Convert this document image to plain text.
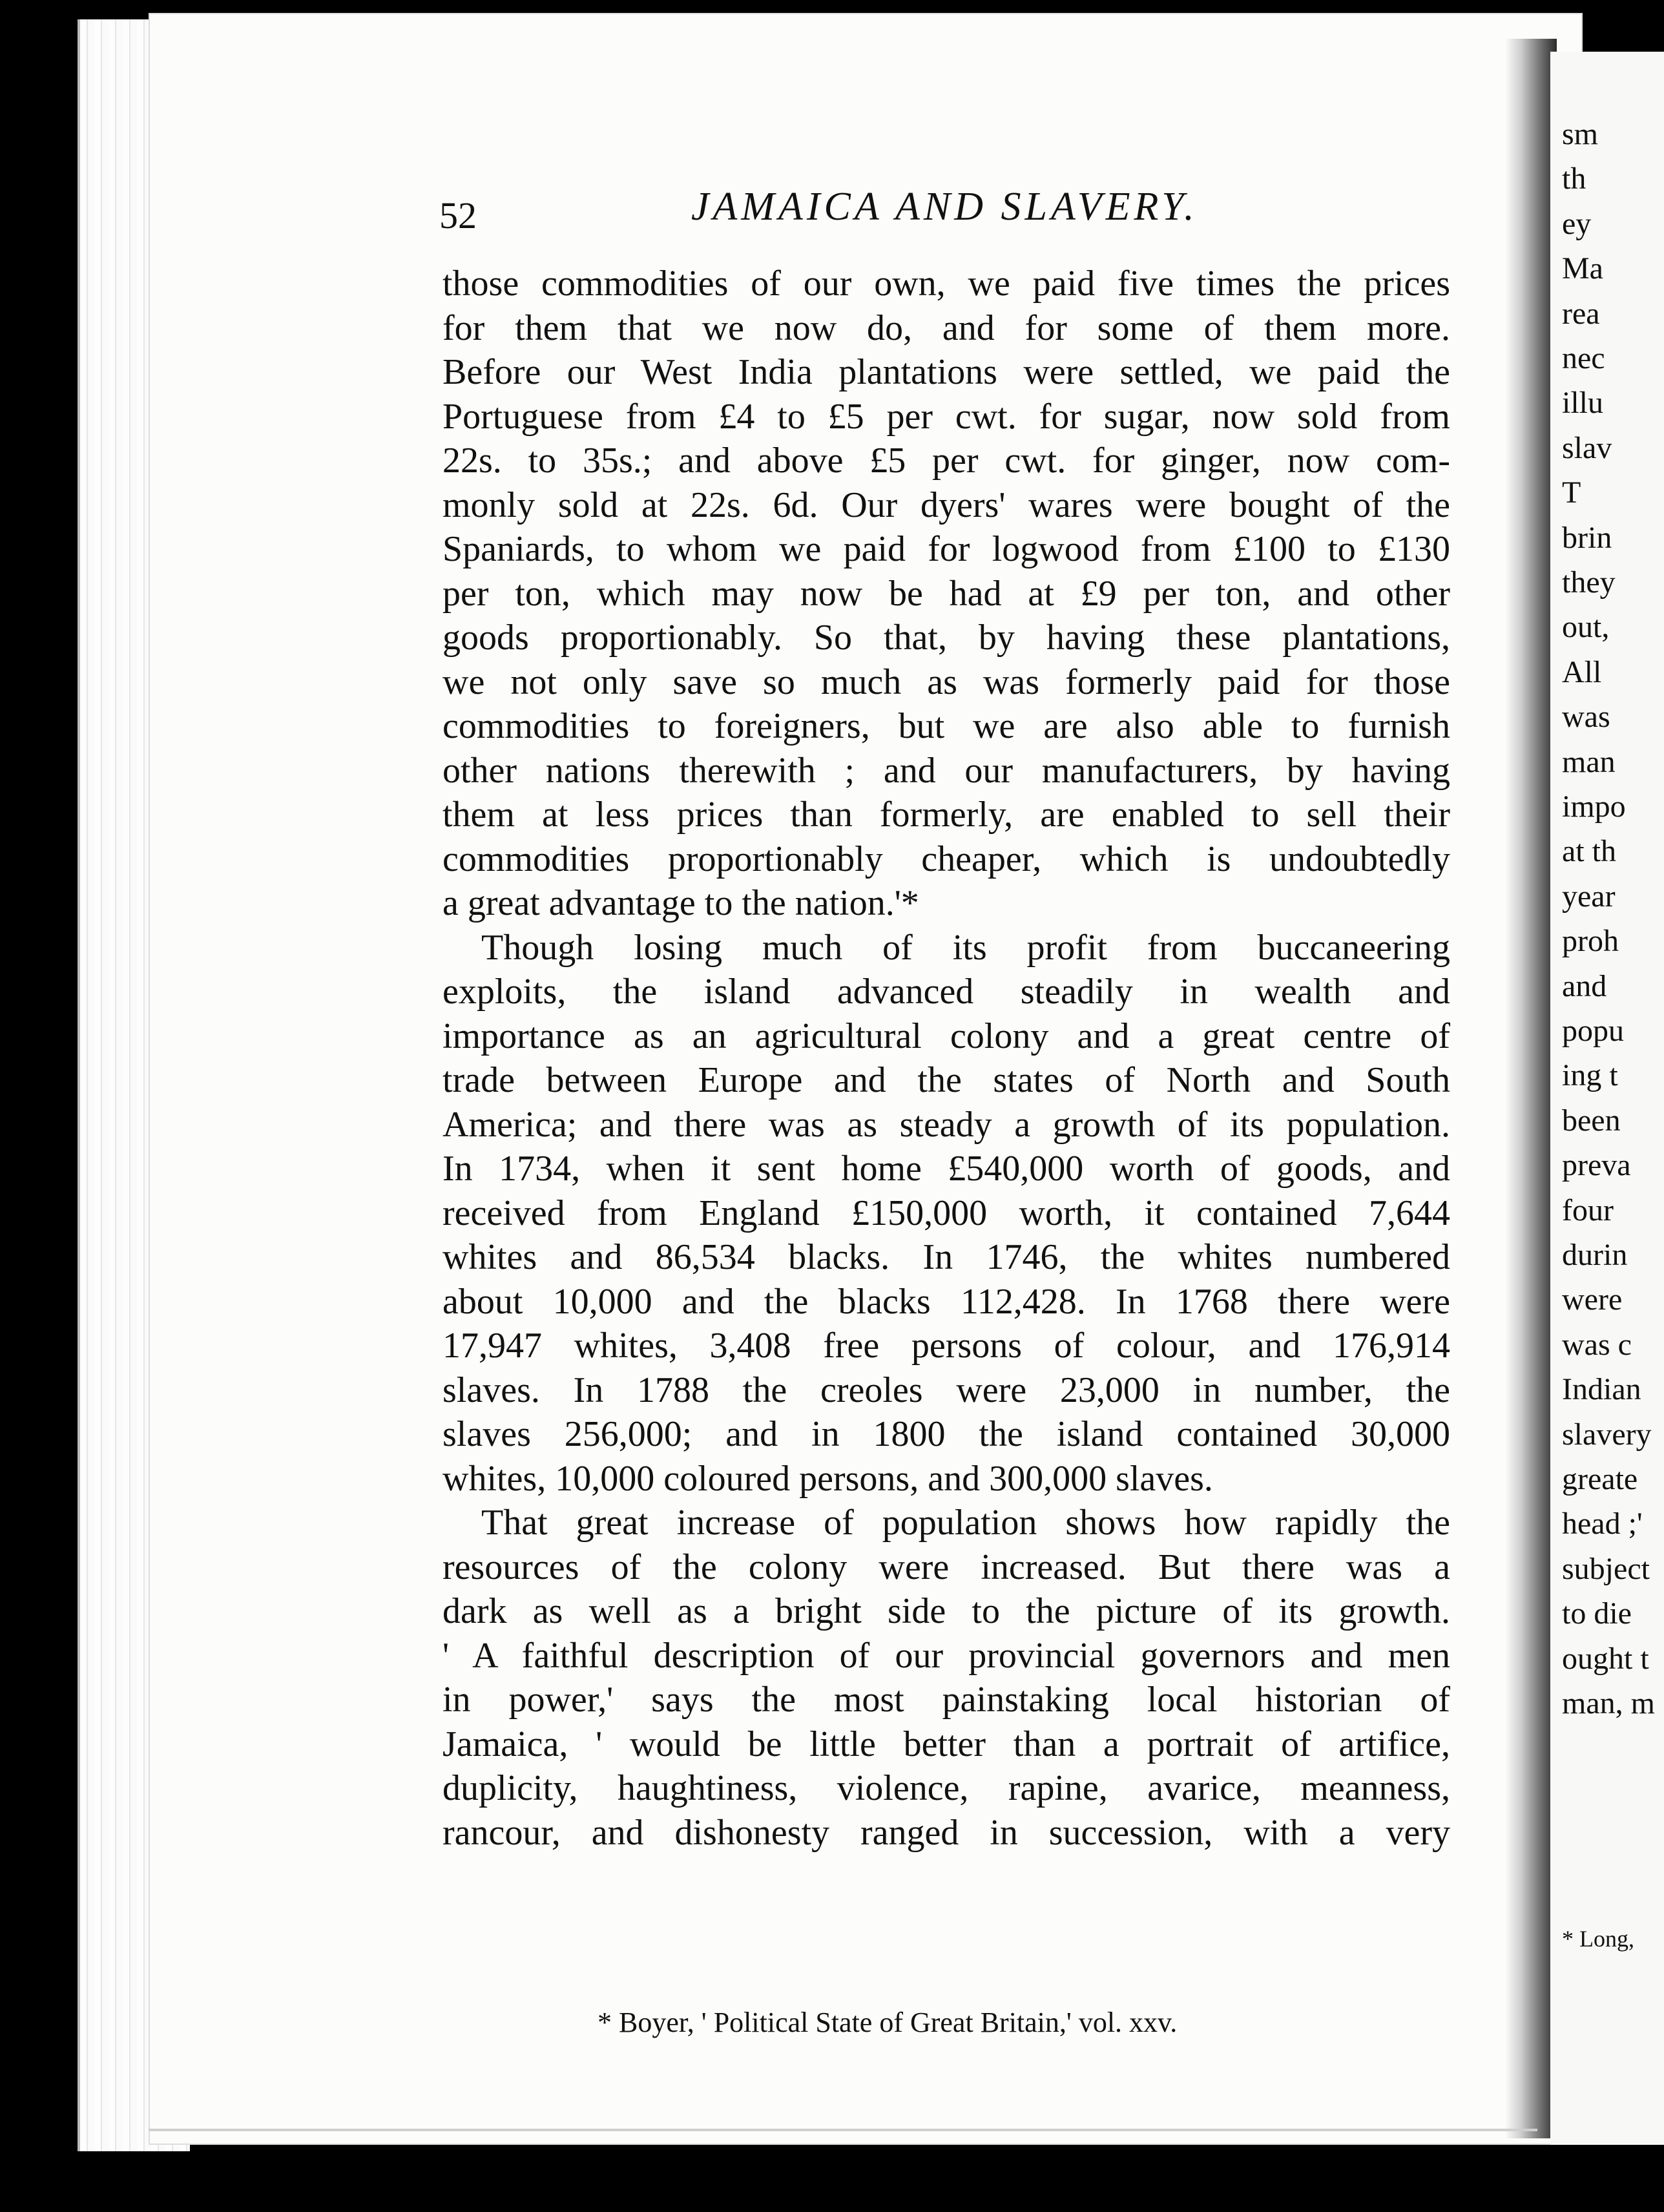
sm
th
ey
Ma
rea
nec
illu
slav
T
brin
they
out,
All
was
man
impo
at th
year
proh
and
popu
ing t
been
preva
four
durin
were
was c
Indian
slavery
greate
head ;'
subject
to die
ought t
man, m
* Long,
52	JAMAICA AND SLAVERY.
those commodities of our own, we paid five times the prices
for them that we now do, and for some of them more.
Before our West India plantations were settled, we paid the
Portuguese from £4 to £5 per cwt. for sugar, now sold from
22s. to 35s.; and above £5 per cwt. for ginger, now com-
monly sold at 22s. 6d. Our dyers' wares were bought of the
Spaniards, to whom we paid for logwood from £100 to £130
per ton, which may now be had at £9 per ton, and other
goods proportionably. So that, by having these plantations,
we not only save so much as was formerly paid for those
commodities to foreigners, but we are also able to furnish
other nations therewith ; and our manufacturers, by having
them at less prices than formerly, are enabled to sell their
commodities proportionably cheaper, which is undoubtedly
a great advantage to the nation.'*
Though losing much of its profit from buccaneering
exploits, the island advanced steadily in wealth and
importance as an agricultural colony and a great centre of
trade between Europe and the states of North and South
America; and there was as steady a growth of its population.
In 1734, when it sent home £540,000 worth of goods, and
received from England £150,000 worth, it contained 7,644
whites and 86,534 blacks. In 1746, the whites numbered
about 10,000 and the blacks 112,428. In 1768 there were
17,947 whites, 3,408 free persons of colour, and 176,914
slaves. In 1788 the creoles were 23,000 in number, the
slaves 256,000; and in 1800 the island contained 30,000
whites, 10,000 coloured persons, and 300,000 slaves.
That great increase of population shows how rapidly the
resources of the colony were increased. But there was a
dark as well as a bright side to the picture of its growth.
' A faithful description of our provincial governors and men
in power,' says the most painstaking local historian of
Jamaica, ' would be little better than a portrait of artifice,
duplicity, haughtiness, violence, rapine, avarice, meanness,
rancour, and dishonesty ranged in succession, with a very
* Boyer, ' Political State of Great Britain,' vol. xxv.
